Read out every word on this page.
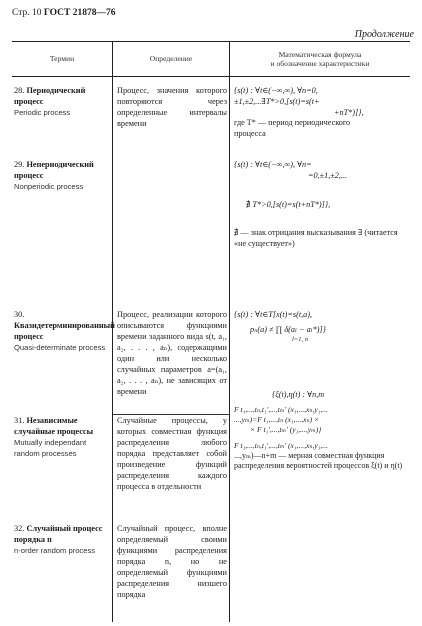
Стр. 10 ГОСТ 21878—76
Продолжение
Термин	Определение
Математическая формула
и обозначение характеристики
28. Периодический процесс
Periodic process
Процесс, значения которого повторяются через определенные интервалы времени
{s(t) : ∀t∈(−∞,∞), ∀n=0,
±1,±2,...∃T*>0,[s(t)=s(t+
+nT*)]},
где T* — период периодического
процесса
29. Непериодический процесс
Nonperiodic process
{s(t) : ∀t∈(−∞,∞), ∀n=
=0,±1,±2,...
∄ T*>0,[s(t)=s(t+nT*)]},
∄ — знак отрицания высказывания ∃ (читается «не существует»)
30. Квазидетерминированный процесс
Quasi-determinate process
Процесс, реализации которого описываются функциями времени заданного вида s(t, a₁, a₂, . . . , aₙ), содержащими один или несколько случайных параметров a=(a₁, a₂, . . . , aₙ), не зависящих от времени
{s(t) : ∀t∈T[x(t)=s(t,a),
pₙ(a) ≠ ∏ δ(aₗ − aₗ*)]}
l=1, n
31. Независимые случайные процессы
Mutually independant random processes
Случайные процессы, у которых совместная функция распределения любого порядка представляет собой произведение функций распределения каждого процесса в отдельности
{ξ(t),η(t) : ∀n,m
F t₁,...,tₙ,t₁',...,tₘ' (x₁,...,xₙ,y₁,...
...,yₘ)=F t₁,...,tₙ (x₁,...,xₙ) ×
× F t₁',...,tₘ' (y₁,...,yₘ)}
F t₁,...,tₙ,t₁',...,tₘ' (x₁,...,xₙ,y₁,...
...,yₘ)—n+m — мерная совместная функция распределения вероятностей процессов ξ(t) и η(t)
32. Случайный процесс порядка n
n-order random process
Случайный процесс, вполне определяемый своими функциями распределения порядка n, но не определяемый функциями распределения низшего порядка
